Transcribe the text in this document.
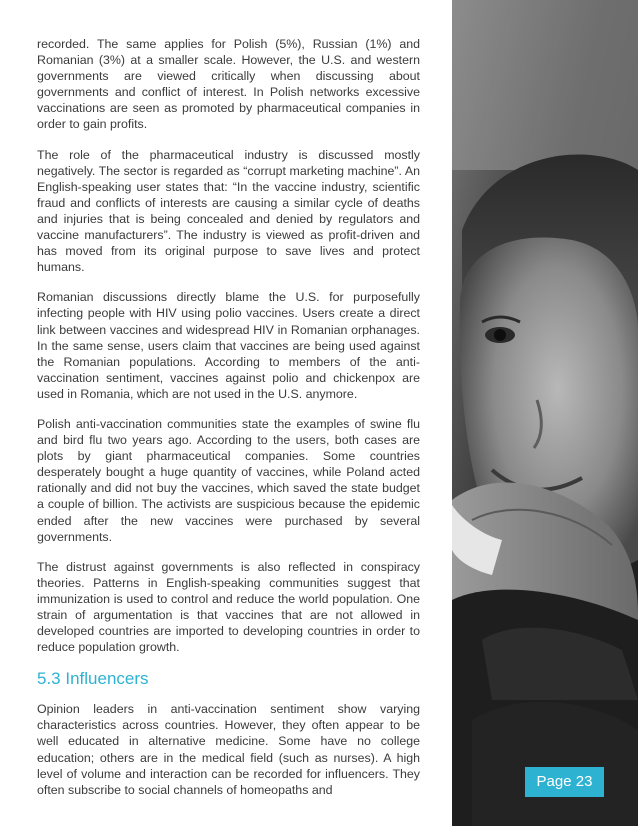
recorded. The same applies for Polish (5%), Russian (1%) and Romanian (3%) at a smaller scale. However, the U.S. and western governments are viewed critically when discussing about governments and conflict of interest. In Polish networks excessive vaccinations are seen as promoted by pharmaceutical companies in order to gain profits.

The role of the pharmaceutical industry is discussed mostly negatively. The sector is regarded as “corrupt marketing machine”. An English-speaking user states that: “In the vaccine industry, scientific fraud and conflicts of interests are causing a similar cycle of deaths and injuries that is being concealed and denied by regulators and vaccine manufacturers”. The industry is viewed as profit-driven and has moved from its original purpose to save lives and protect humans.

Romanian discussions directly blame the U.S. for purposefully infecting people with HIV using polio vaccines. Users create a direct link between vaccines and widespread HIV in Romanian orphanages. In the same sense, users claim that vaccines are being used against the Romanian populations. According to members of the anti-vaccination sentiment, vaccines against polio and chickenpox are used in Romania, which are not used in the U.S. anymore.

Polish anti-vaccination communities state the examples of swine flu and bird flu two years ago. According to the users, both cases are plots by giant pharmaceutical companies. Some countries desperately bought a huge quantity of vaccines, while Poland acted rationally and did not buy the vaccines, which saved the state budget a couple of billion. The activists are suspicious because the epidemic ended after the new vaccines were purchased by several governments.

The distrust against governments is also reflected in conspiracy theories. Patterns in English-speaking communities suggest that immunization is used to control and reduce the world population. One strain of argumentation is that vaccines that are not allowed in developed countries are imported to developing countries in order to reduce population growth.

5.3 Influencers

Opinion leaders in anti-vaccination sentiment show varying characteristics across countries. However, they often appear to be well educated in alternative medicine. Some have no college education; others are in the medical field (such as nurses). A high level of volume and interaction can be recorded for influencers. They often subscribe to social channels of homeopaths and	Page 23
